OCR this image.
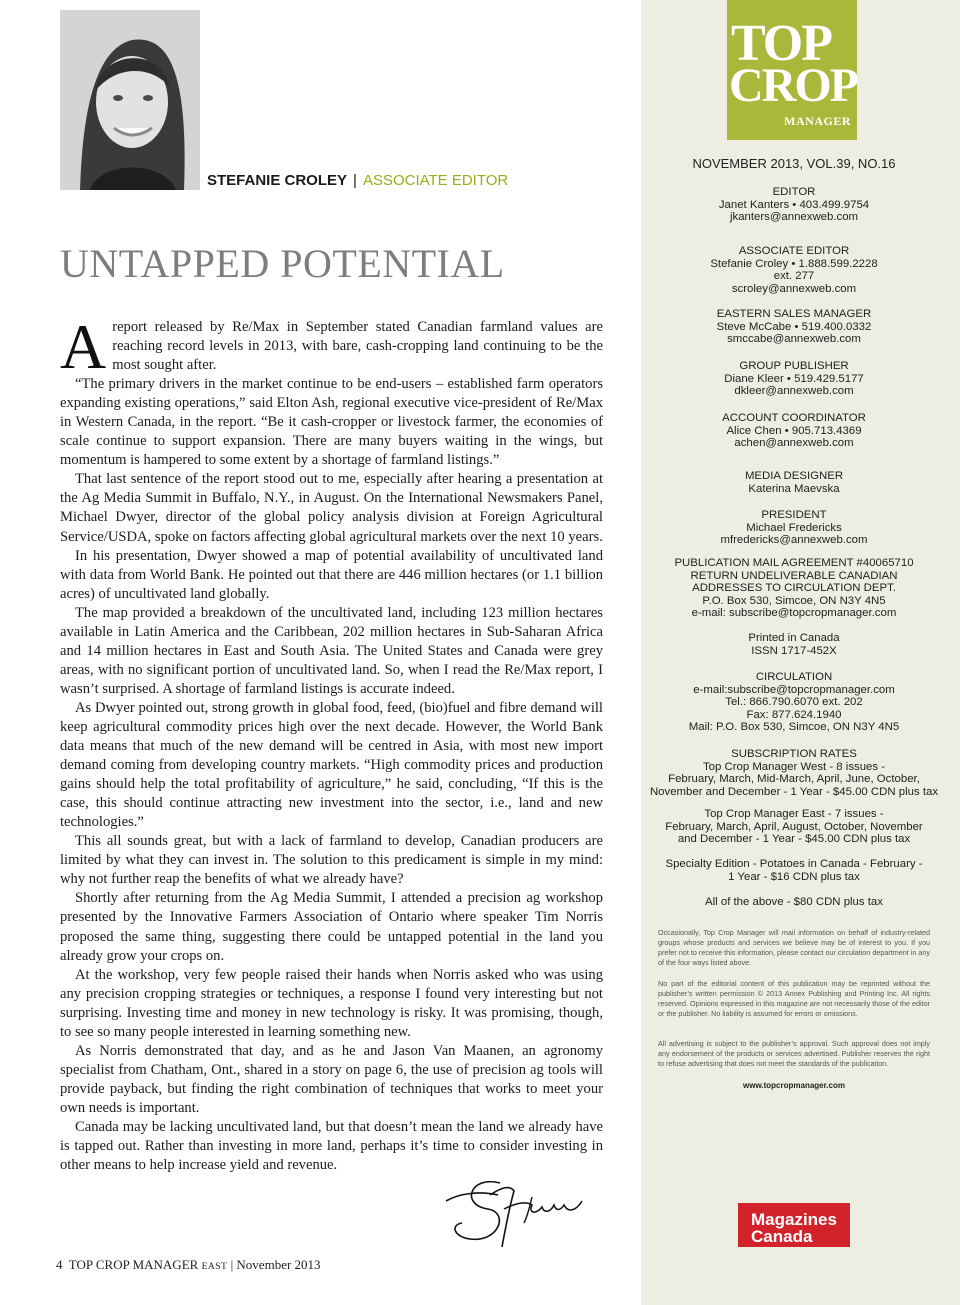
STEFANIE CROLEY | ASSOCIATE EDITOR
UNTAPPED POTENTIAL

Areport released by Re/Max in September stated Canadian farmland values are reaching record levels in 2013, with bare, cash-cropping land continuing to be the most sought after.

“The primary drivers in the market continue to be end-users – established farm operators expanding existing operations,” said Elton Ash, regional executive vice-president of Re/Max in Western Canada, in the report. “Be it cash-cropper or livestock farmer, the economies of scale continue to support expansion. There are many buyers waiting in the wings, but momentum is hampered to some extent by a shortage of farmland listings.”

That last sentence of the report stood out to me, especially after hearing a presentation at the Ag Media Summit in Buffalo, N.Y., in August. On the International Newsmakers Panel, Michael Dwyer, director of the global policy analysis division at Foreign Agricultural Service/USDA, spoke on factors affecting global agricultural markets over the next 10 years.

In his presentation, Dwyer showed a map of potential availability of uncultivated land with data from World Bank. He pointed out that there are 446 million hectares (or 1.1 billion acres) of uncultivated land globally.

The map provided a breakdown of the uncultivated land, including 123 million hectares available in Latin America and the Caribbean, 202 million hectares in Sub-Saharan Africa and 14 million hectares in East and South Asia. The United States and Canada were grey areas, with no significant portion of uncultivated land. So, when I read the Re/Max report, I wasn’t surprised. A shortage of farmland listings is accurate indeed.

As Dwyer pointed out, strong growth in global food, feed, (bio)fuel and fibre demand will keep agricultural commodity prices high over the next decade. However, the World Bank data means that much of the new demand will be centred in Asia, with most new import demand coming from developing country markets. “High commodity prices and production gains should help the total profitability of agriculture,” he said, concluding, “If this is the case, this should continue attracting new investment into the sector, i.e., land and new technologies.”

This all sounds great, but with a lack of farmland to develop, Canadian producers are limited by what they can invest in. The solution to this predicament is simple in my mind: why not further reap the benefits of what we already have?

Shortly after returning from the Ag Media Summit, I attended a precision ag workshop presented by the Innovative Farmers Association of Ontario where speaker Tim Norris proposed the same thing, suggesting there could be untapped potential in the land you already grow your crops on.

At the workshop, very few people raised their hands when Norris asked who was using any precision cropping strategies or techniques, a response I found very interesting but not surprising. Investing time and money in new technology is risky. It was promising, though, to see so many people interested in learning something new.

As Norris demonstrated that day, and as he and Jason Van Maanen, an agronomy specialist from Chatham, Ont., shared in a story on page 6, the use of precision ag tools will provide payback, but finding the right combination of techniques that works to meet your own needs is important.

Canada may be lacking uncultivated land, but that doesn’t mean the land we already have is tapped out. Rather than investing in more land, perhaps it’s time to consider investing in other means to help increase yield and revenue.

4 TOP CROP MANAGER EAST | November 2013
TOP
CROP
MANAGER
NOVEMBER 2013, VOL.39, NO.16
EDITOR
Janet Kanters • 403.499.9754
jkanters@annexweb.com
ASSOCIATE EDITOR
Stefanie Croley • 1.888.599.2228
ext. 277
scroley@annexweb.com
EASTERN SALES MANAGER
Steve McCabe • 519.400.0332
smccabe@annexweb.com
GROUP PUBLISHER
Diane Kleer • 519.429.5177
dkleer@annexweb.com
ACCOUNT COORDINATOR
Alice Chen • 905.713.4369
achen@annexweb.com
MEDIA DESIGNER
Katerina Maevska
PRESIDENT
Michael Fredericks
mfredericks@annexweb.com
PUBLICATION MAIL AGREEMENT #40065710
RETURN UNDELIVERABLE CANADIAN
ADDRESSES TO CIRCULATION DEPT.
P.O. Box 530, Simcoe, ON N3Y 4N5
e-mail: subscribe@topcropmanager.com
Printed in Canada
ISSN 1717-452X
CIRCULATION
e-mail:subscribe@topcropmanager.com
Tel.: 866.790.6070 ext. 202
Fax: 877.624.1940
Mail: P.O. Box 530, Simcoe, ON N3Y 4N5
SUBSCRIPTION RATES
Top Crop Manager West - 8 issues -
February, March, Mid-March, April, June, October,
November and December - 1 Year - $45.00 CDN plus tax
Top Crop Manager East - 7 issues -
February, March, April, August, October, November
and December - 1 Year - $45.00 CDN plus tax
Specialty Edition - Potatoes in Canada - February -
1 Year - $16 CDN plus tax
All of the above - $80 CDN plus tax
Occasionally, Top Crop Manager will mail information on behalf of industry-related groups whose products and services we believe may be of interest to you. If you prefer not to receive this information, please contact our circulation department in any of the four ways listed above.
No part of the editorial content of this publication may be reprinted without the publisher’s written permission © 2013 Annex Publishing and Printing Inc. All rights reserved. Opinions expressed in this magazine are not necessarily those of the editor or the publisher. No liability is assumed for errors or omissions.
All advertising is subject to the publisher’s approval. Such approval does not imply any endorsement of the products or services advertised. Publisher reserves the right to refuse advertising that does not meet the standards of the publication.
www.topcropmanager.com
Magazines
Canada
